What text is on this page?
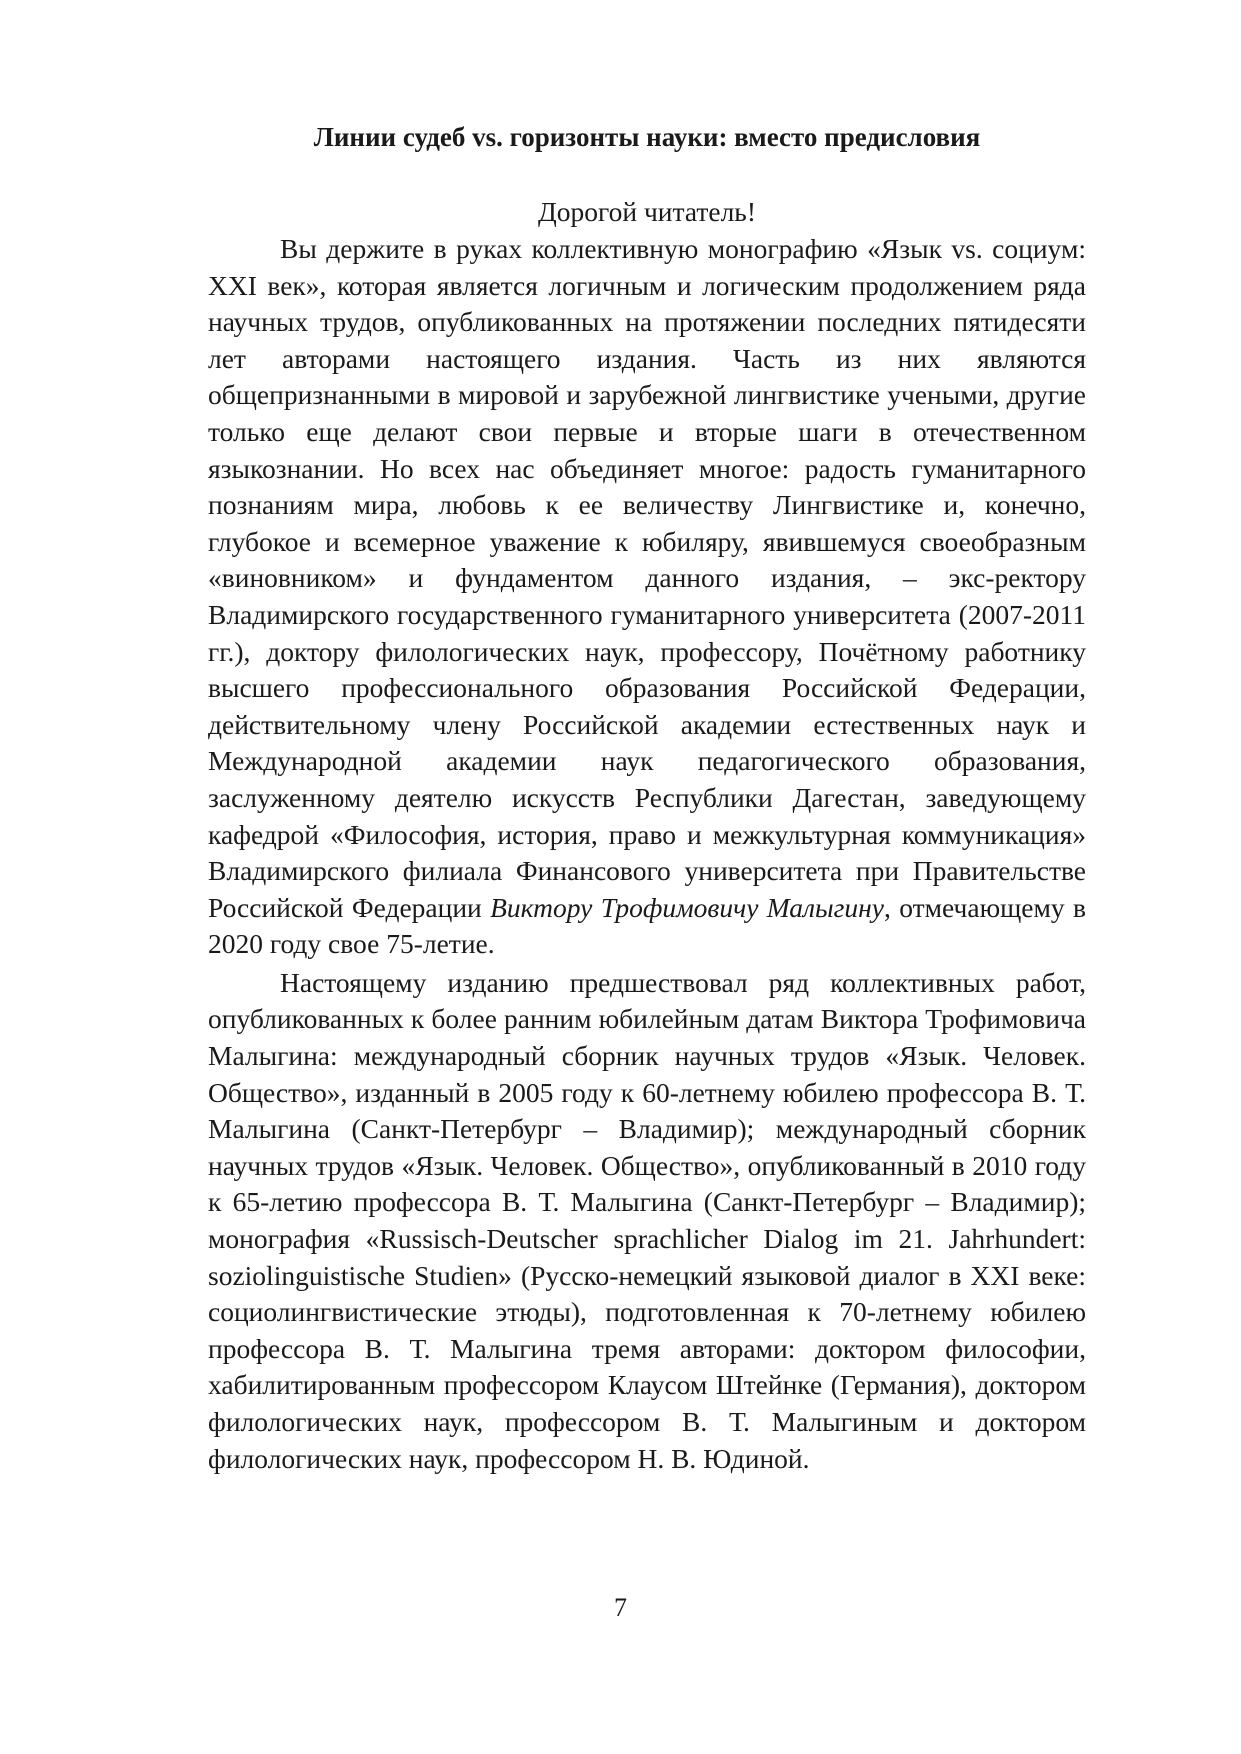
Линии судеб vs. горизонты науки: вместо предисловия
Дорогой читатель!

Вы держите в руках коллективную монографию «Язык vs. социум: XXI век», которая является логичным и логическим продолжением ряда научных трудов, опубликованных на протяжении последних пятидесяти лет авторами настоящего издания. Часть из них являются общепризнанными в мировой и зарубежной лингвистике учеными, другие только еще делают свои первые и вторые шаги в отечественном языкознании. Но всех нас объединяет многое: радость гуманитарного познаниям мира, любовь к ее величеству Лингвистике и, конечно, глубокое и всемерное уважение к юбиляру, явившемуся своеобразным «виновником» и фундаментом данного издания, – экс-ректору Владимирского государственного гуманитарного университета (2007-2011 гг.), доктору филологических наук, профессору, Почётному работнику высшего профессионального образования Российской Федерации, действительному члену Российской академии естественных наук и Международной академии наук педагогического образования, заслуженному деятелю искусств Республики Дагестан, заведующему кафедрой «Философия, история, право и межкультурная коммуникация» Владимирского филиала Финансового университета при Правительстве Российской Федерации Виктору Трофимовичу Малыгину, отмечающему в 2020 году свое 75-летие.

Настоящему изданию предшествовал ряд коллективных работ, опубликованных к более ранним юбилейным датам Виктора Трофимовича Малыгина: международный сборник научных трудов «Язык. Человек. Общество», изданный в 2005 году к 60-летнему юбилею профессора В. Т. Малыгина (Санкт-Петербург – Владимир); международный сборник научных трудов «Язык. Человек. Общество», опубликованный в 2010 году к 65-летию профессора В. Т. Малыгина (Санкт-Петербург – Владимир); монография «Russisch-Deutscher sprachlicher Dialog im 21. Jahrhundert: soziolinguistische Studien» (Русско-немецкий языковой диалог в XXI веке: социолингвистические этюды), подготовленная к 70-летнему юбилею профессора В. Т. Малыгина тремя авторами: доктором философии, хабилитированным профессором Клаусом Штейнке (Германия), доктором филологических наук, профессором В. Т. Малыгиным и доктором филологических наук, профессором Н. В. Юдиной.

7
